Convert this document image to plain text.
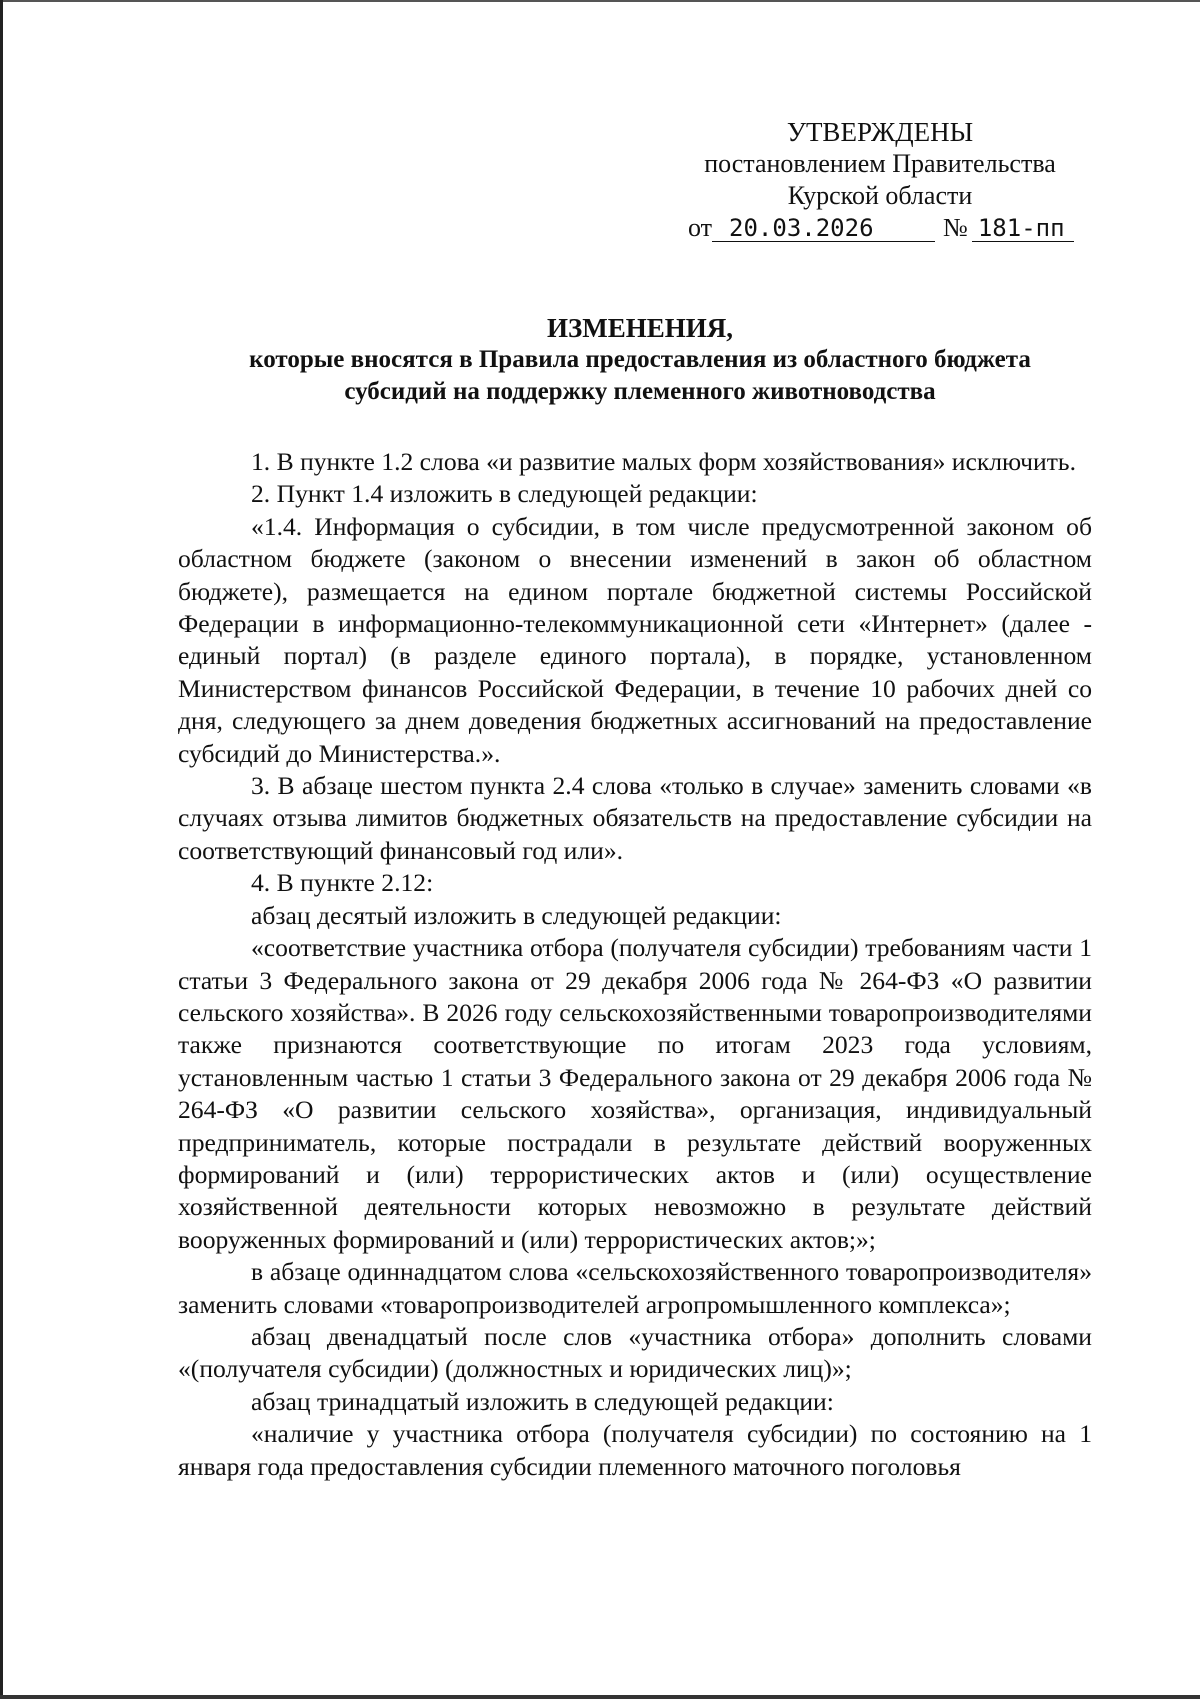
УТВЕРЖДЕНЫ
постановлением Правительства
Курской области
от 20.03.2026	№ 181-пп
ИЗМЕНЕНИЯ,
которые вносятся в Правила предоставления из областного бюджета
субсидий на поддержку племенного животноводства

1. В пункте 1.2 слова «и развитие малых форм хозяйствования» исключить.

2. Пункт 1.4 изложить в следующей редакции:

«1.4. Информация о субсидии, в том числе предусмотренной законом об областном бюджете (законом о внесении изменений в закон об областном бюджете), размещается на едином портале бюджетной системы Российской Федерации в информационно-телекоммуникационной сети «Интернет» (далее - единый портал) (в разделе единого портала), в порядке, установленном Министерством финансов Российской Федерации, в течение 10 рабочих дней со дня, следующего за днем доведения бюджетных ассигнований на предоставление субсидий до Министерства.».

3. В абзаце шестом пункта 2.4 слова «только в случае» заменить словами «в случаях отзыва лимитов бюджетных обязательств на предоставление субсидии на соответствующий финансовый год или».

4. В пункте 2.12:

абзац десятый изложить в следующей редакции:

«соответствие участника отбора (получателя субсидии) требованиям части 1 статьи 3 Федерального закона от 29 декабря 2006 года № 264-ФЗ «О развитии сельского хозяйства». В 2026 году сельскохозяйственными товаропроизводителями также признаются соответствующие по итогам 2023 года условиям, установленным частью 1 статьи 3 Федерального закона от 29 декабря 2006 года № 264-ФЗ «О развитии сельского хозяйства», организация, индивидуальный предприниматель, которые пострадали в результате действий вооруженных формирований и (или) террористических актов и (или) осуществление хозяйственной деятельности которых невозможно в результате действий вооруженных формирований и (или) террористических актов;»;

в абзаце одиннадцатом слова «сельскохозяйственного товаропроизводителя» заменить словами «товаропроизводителей агропромышленного комплекса»;

абзац двенадцатый после слов «участника отбора» дополнить словами «(получателя субсидии) (должностных и юридических лиц)»;

абзац тринадцатый изложить в следующей редакции:

«наличие у участника отбора (получателя субсидии) по состоянию на 1 января года предоставления субсидии племенного маточного поголовья
